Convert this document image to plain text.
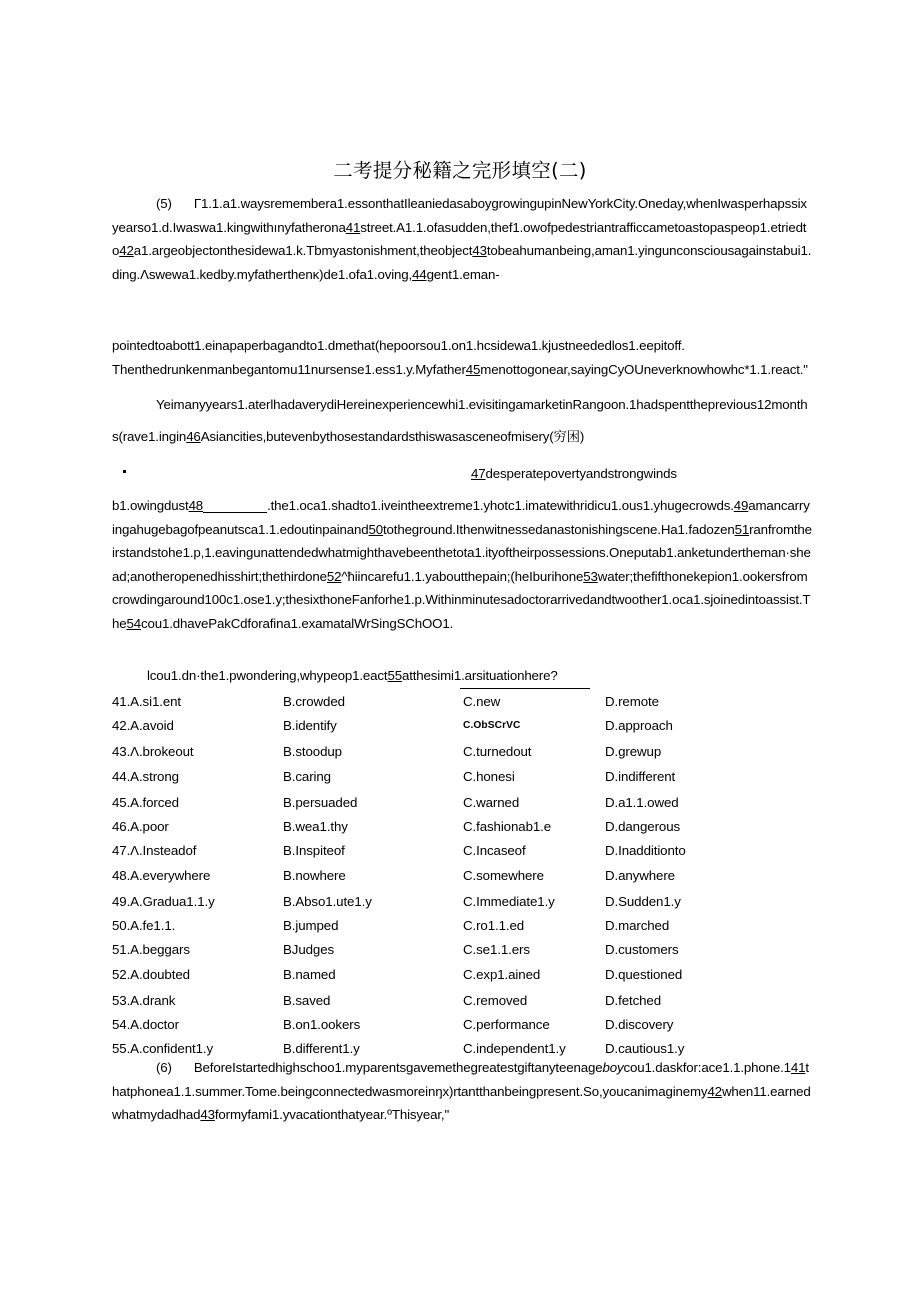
二考提分秘籍之完形填空(二)
(5) Γ1.1.a1.waysremembera1.essonthatIleaniedasaboygrowingupinNewYorkCity.Oneday,whenIwasperhapssixyearso1.d.Iwaswa1.kingwithınyfatherona41street.A1.1.ofasudden,thef1.owofpedestriantrafficcametoastopaspeop1.etriedto42a1.argeobjectonthesidewa1.k.Tbmyastonishment,theobject43tobeahumanbeing,aman1.yingunconsciousagainstabui1.ding.Λswewa1.kedby.myfatherthenκ)de1.ofa1.oving,44gent1.eman-
pointedtoabott1.einapaperbagandto1.dmethat(hepoorsou1.on1.hcsidewa1.kjustneededlos1.eepitoff.
Thenthedrunkenmanbegantomu11nursense1.ess1.y.Myfather45menottogonear,sayingCyOUneverknowhowhc*1.1.react."
Yeimanyyears1.aterlhadaverydiHereinexperiencewhi1.evisitingamarketinRangoon.1hadspenttheprevious12months(rave1.ingin46Asiancities,butevenbythosestandardsthiswasasceneofmisery(穷困)
47desperatepovertyandstrongwinds
b1.owingdust48	.the1.oca1.shadto1.iveintheextreme1.yhotc1.imatewithridicu1.ous1.yhugecrowds.49amancarryingahugebagofpeanutsca1.1.edoutinpainand50totheground.Ithenwitnessedanastonishingscene.Ha1.fadozen51ranfromtheirstandstohe1.p,1.eavingunattendedwhatmighthavebeenthetota1.ityoftheirpossessions.Oneputab1.anketundertheman·shead;anotheropenedhisshirt;thethirdone52^ħiincarefu1.1.yaboutthepain;(heIburihone53water;thefifthonekepion1.ookersfromcrowdingaround100c1.ose1.y;thesixthoneFanforhe1.p.Withinminutesadoctorarrivedandtwoother1.oca1.sjoinedintoassist.The54cou1.dhavePakCdforafina1.examatalWrSingSChOO1.
lcou1.dn·the1.pwondering,whypeop1.eact55atthesimi1.arsituationhere?
41.A.si1.ent	B.crowded	C.new	D.remote
42.A.avoid	B.identify	C.ObSCrVC	D.approach
43.Λ.brokeout	B.stoodup	C.turnedout	D.grewup
44.A.strong	B.caring	C.honesi	D.indifferent
45.A.forced	B.persuaded	C.warned	D.a1.1.owed
46.A.poor	B.wea1.thy	C.fashionab1.e	D.dangerous
47.Λ.Insteadof	B.Inspiteof	C.Incaseof	D.Inadditionto
48.A.everywhere	B.nowhere	C.somewhere	D.anywhere
49.A.Gradua1.1.y	B.Abso1.ute1.y	C.Immediate1.y	D.Sudden1.y
50.A.fe1.1.	B.jumped	C.ro1.1.ed	D.marched
51.A.beggars	BJudges	C.se1.1.ers	D.customers
52.A.doubted	B.named	C.exp1.ained	D.questioned
53.A.drank	B.saved	C.removed	D.fetched
54.A.doctor	B.on1.ookers	C.performance	D.discovery
55.A.confident1.y	B.different1.y	C.independent1.y	D.cautious1.y
(6) BeforeIstartedhighschoo1.myparentsgavemethegreatestgiftanyteenageboycou1.daskfor:ace1.1.phone.141thatphonea1.1.summer.Tome.beingconnectedwasmoreinŋx)rtantthanbeingpresent.So,youcanimaginemy42when11.earnedwhatmydadhad43formyfami1.yvacationthatyear.ºThisyear,"
